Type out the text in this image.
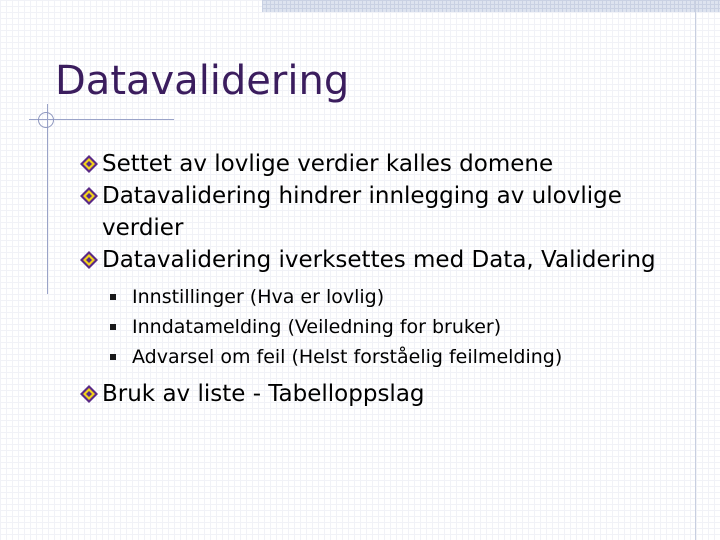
Datavalidering
Settet av lovlige verdier kalles domene
Datavalidering hindrer innlegging av ulovlige verdier
Datavalidering iverksettes med Data, Validering
Innstillinger (Hva er lovlig)
Inndatamelding (Veiledning for bruker)
Advarsel om feil (Helst forståelig feilmelding)
Bruk av liste - Tabelloppslag
